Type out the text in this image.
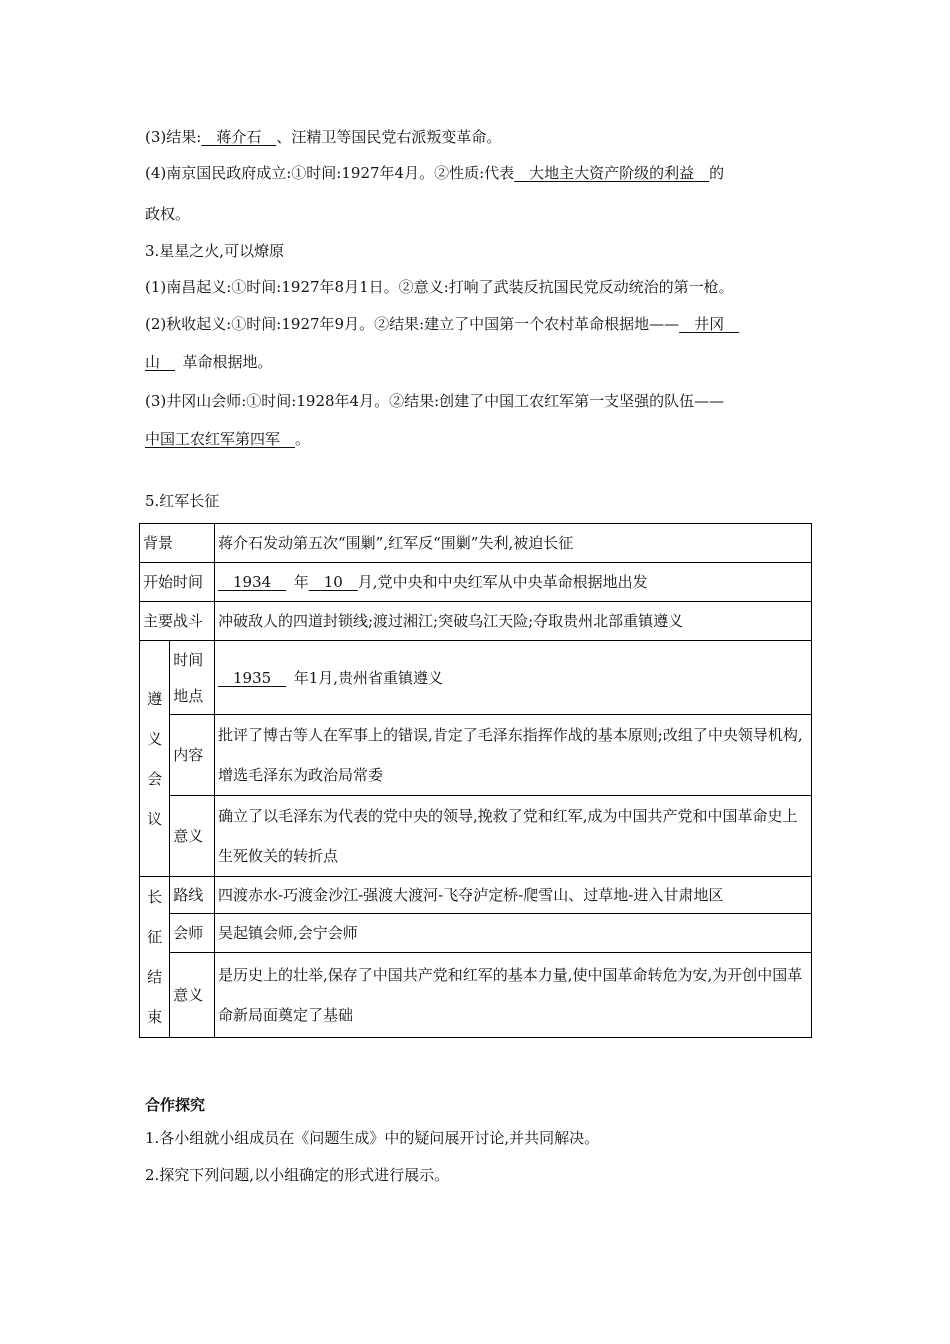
(3)结果:  蒋介石  、汪精卫等国民党右派叛变革命。
(4)南京国民政府成立:①时间:1927年4月。②性质:代表  大地主大资产阶级的利益  的
政权。
3.星星之火,可以燎原
(1)南昌起义:①时间:1927年8月1日。②意义:打响了武装反抗国民党反动统治的第一枪。
(2)秋收起义:①时间:1927年9月。②结果:建立了中国第一个农村革命根据地——  井冈 
山   革命根据地。
(3)井冈山会师:①时间:1928年4月。②结果:创建了中国工农红军第一支坚强的队伍——
中国工农红军第四军  。
5.红军长征
背景		蒋介石发动第五次“围剿”,红军反“围剿”失利,被迫长征
开始时间	 	1934   年  10  月,党中央和中央红军从中央革命根据地出发
主要战斗		冲破敌人的四道封锁线;渡过湘江;突破乌江天险;夺取贵州北部重镇遵义
遵
义
会
议	时间地点	 1935   年1月,贵州省重镇遵义
	内容	批评了博古等人在军事上的错误,肯定了毛泽东指挥作战的基本原则;改组了中央领导机构,增选毛泽东为政治局常委
	意义	确立了以毛泽东为代表的党中央的领导,挽救了党和红军,成为中国共产党和中国革命史上生死攸关的转折点
长
征
结
束	路线	四渡赤水-巧渡金沙江-强渡大渡河-飞夺泸定桥-爬雪山、过草地-进入甘肃地区
	会师	吴起镇会师,会宁会师
	意义	是历史上的壮举,保存了中国共产党和红军的基本力量,使中国革命转危为安,为开创中国革命新局面奠定了基础
合作探究
1.各小组就小组成员在《问题生成》中的疑问展开讨论,并共同解决。
2.探究下列问题,以小组确定的形式进行展示。
